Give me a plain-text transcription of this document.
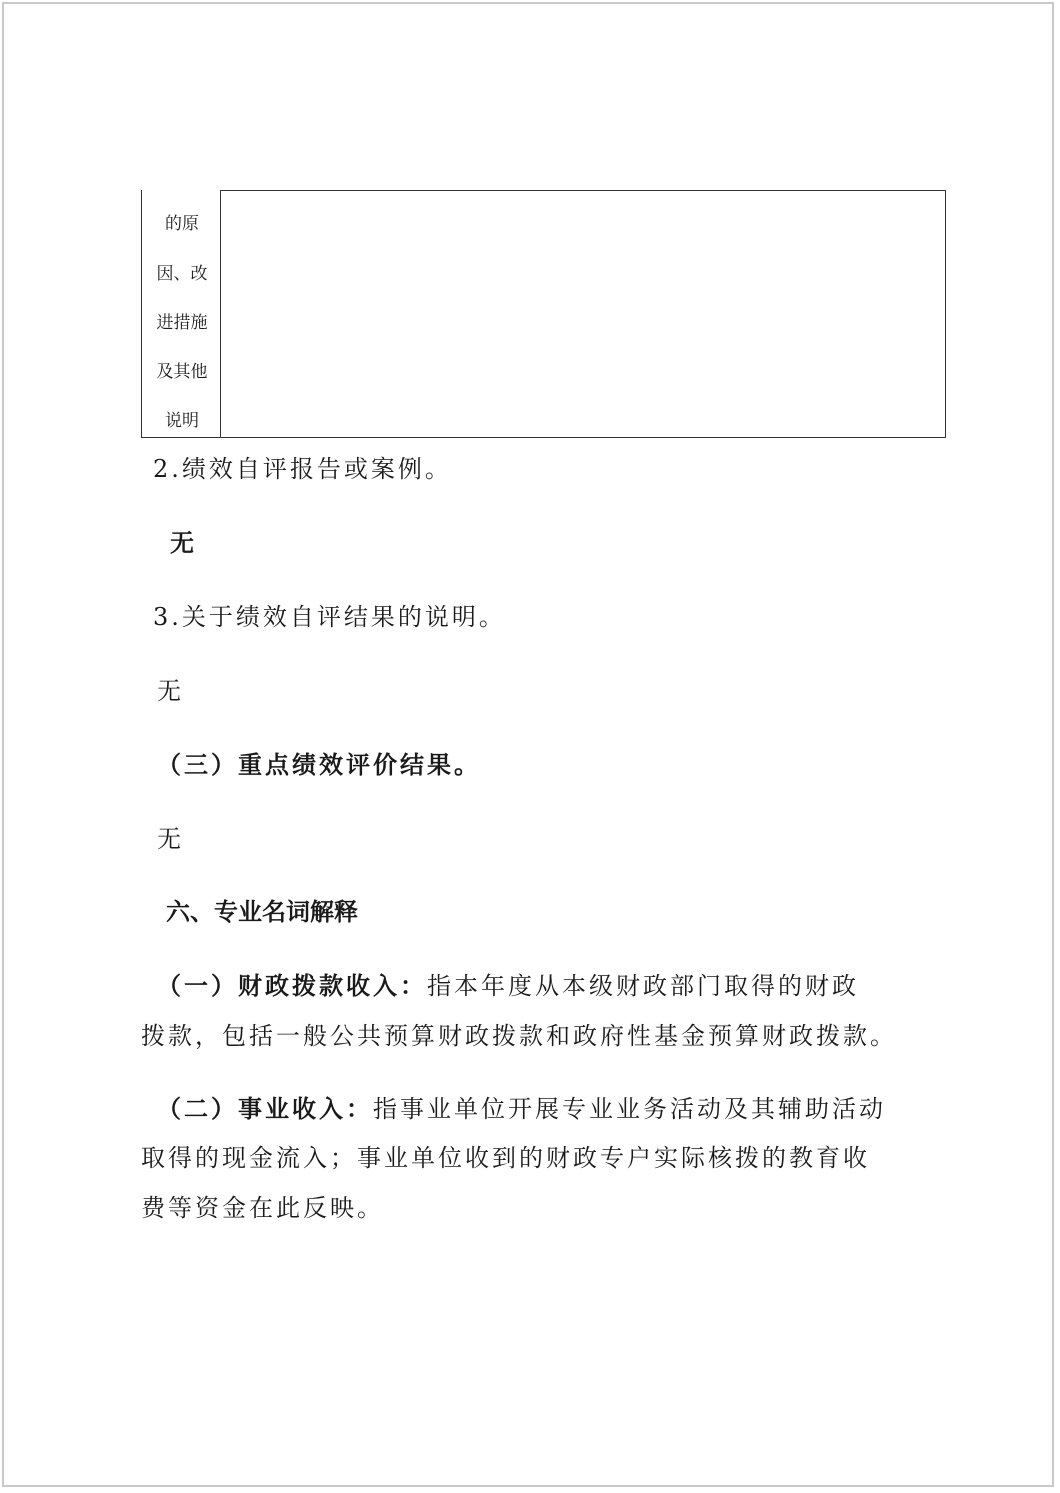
的原
因、改
进措施
及其他
说明
2.绩效自评报告或案例。
无
3.关于绩效自评结果的说明。
无
（三）重点绩效评价结果。
无
六、专业名词解释
（一）财政拨款收入：指本年度从本级财政部门取得的财政
拨款，包括一般公共预算财政拨款和政府性基金预算财政拨款。
（二）事业收入：指事业单位开展专业业务活动及其辅助活动
取得的现金流入；事业单位收到的财政专户实际核拨的教育收
费等资金在此反映。
